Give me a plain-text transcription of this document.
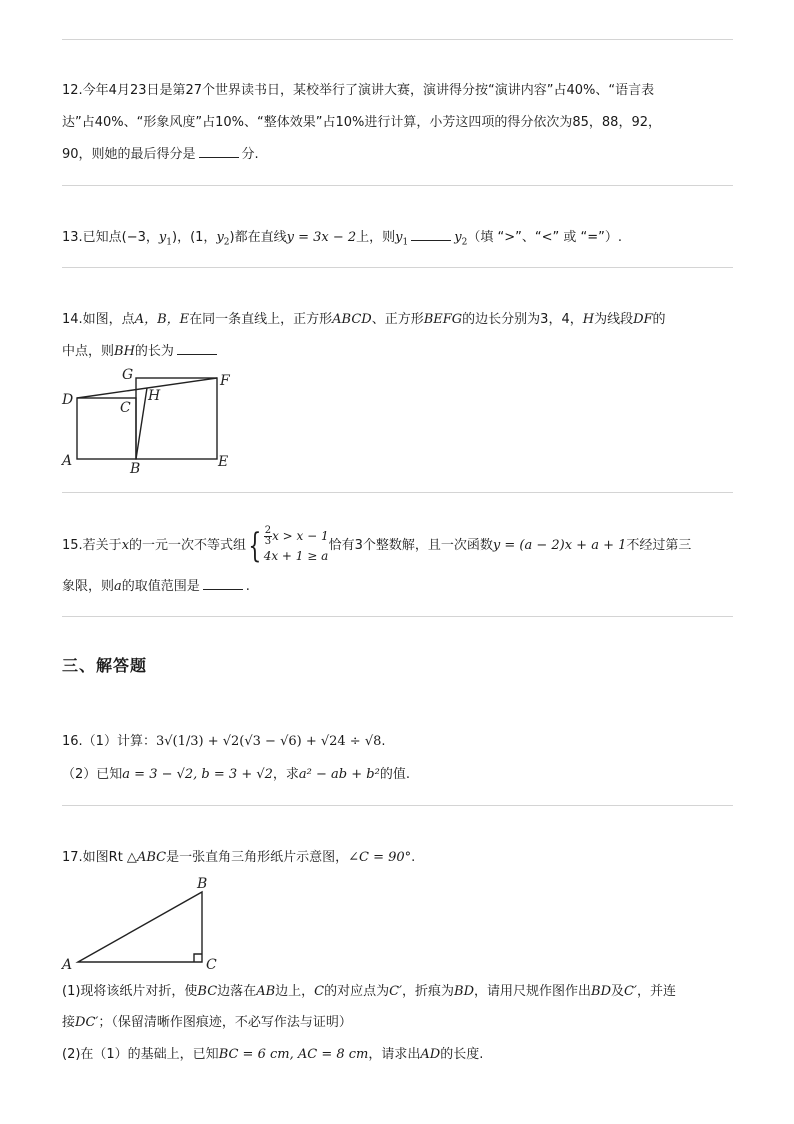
12.今年4月23日是第27个世界读书日，某校举行了演讲大赛，演讲得分按“演讲内容”占40%、“语言表
达”占40%、“形象风度”占10%、“整体效果”占10%进行计算，小芳这四项的得分依次为85，88，92，
90，则她的最后得分是	分.
13.已知点(−3，$y_1$)，(1，$y_2$)都在直线y = 3x − 2上，则$y_1$	$y_2$（填 “>”、“<” 或 “=”）.
14.如图，点A，B，E在同一条直线上，正方形ABCD、正方形BEFG的边长分别为3，4，H为线段DF的
中点，则BH的长为
G	F
D	C
H
A	B	E
15.若关于x的一元一次不等式组{ $\frac{2}{3}$ x > x − 1
4x + 1 ≥ a
恰有3个整数解，且一次函数y = (a − 2)x + a + 1不经过第三
象限，则a的取值范围是	.
三、解答题
16.（1）计算：3√(1/3) + √2(√3 − √6) + √24 ÷ √8.
（2）已知a = 3 − √2, b = 3 + √2，求a² − ab + b²的值.
17.如图Rt △ABC是一张直角三角形纸片示意图，∠C = 90°.
A
B
C
(1)现将该纸片对折，使BC边落在AB边上，C的对应点为C′，折痕为BD，请用尺规作图作出BD及C′，并连
接DC′；（保留清晰作图痕迹，不必写作法与证明）
(2)在（1）的基础上，已知BC = 6 cm, AC = 8 cm，请求出AD的长度.
